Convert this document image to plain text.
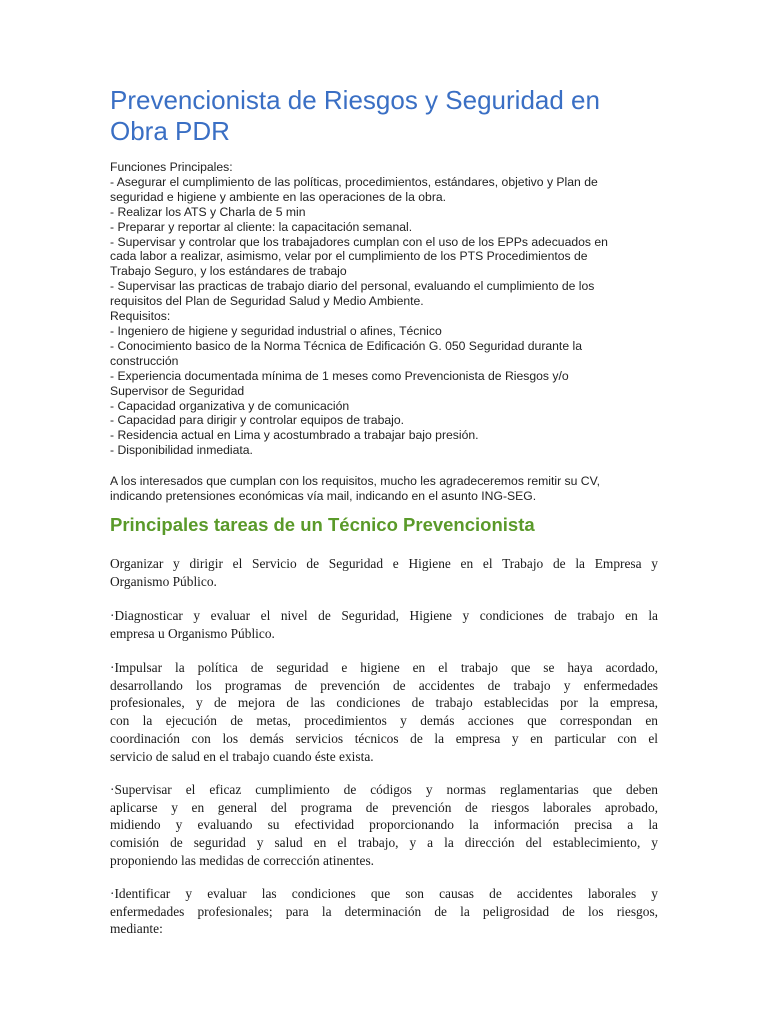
Prevencionista de Riesgos y Seguridad en
Obra PDR
Funciones Principales:
- Asegurar el cumplimiento de las políticas, procedimientos, estándares, objetivo y Plan de
seguridad e higiene y ambiente en las operaciones de la obra.
- Realizar los ATS y Charla de 5 min
- Preparar y reportar al cliente: la capacitación semanal.
- Supervisar y controlar que los trabajadores cumplan con el uso de los EPPs adecuados en
cada labor a realizar, asimismo, velar por el cumplimiento de los PTS Procedimientos de
Trabajo Seguro, y los estándares de trabajo
- Supervisar las practicas de trabajo diario del personal, evaluando el cumplimiento de los
requisitos del Plan de Seguridad Salud y Medio Ambiente.
Requisitos:
- Ingeniero de higiene y seguridad industrial o afines, Técnico
- Conocimiento basico de la Norma Técnica de Edificación G. 050 Seguridad durante la
construcción
- Experiencia documentada mínima de 1 meses como Prevencionista de Riesgos y/o
Supervisor de Seguridad
- Capacidad organizativa y de comunicación
- Capacidad para dirigir y controlar equipos de trabajo.
- Residencia actual en Lima y acostumbrado a trabajar bajo presión.
- Disponibilidad inmediata.
A los interesados que cumplan con los requisitos, mucho les agradeceremos remitir su CV,
indicando pretensiones económicas vía mail, indicando en el asunto ING-SEG.
Principales tareas de un Técnico Prevencionista
Organizar y dirigir el Servicio de Seguridad e Higiene en el Trabajo de la Empresa y
Organismo Público.
·Diagnosticar y evaluar el nivel de Seguridad, Higiene y condiciones de trabajo en la
empresa u Organismo Público.
·Impulsar la política de seguridad e higiene en el trabajo que se haya acordado,
desarrollando los programas de prevención de accidentes de trabajo y enfermedades
profesionales, y de mejora de las condiciones de trabajo establecidas por la empresa,
con la ejecución de metas, procedimientos y demás acciones que correspondan en
coordinación con los demás servicios técnicos de la empresa y en particular con el
servicio de salud en el trabajo cuando éste exista.
·Supervisar el eficaz cumplimiento de códigos y normas reglamentarias que deben
aplicarse y en general del programa de prevención de riesgos laborales aprobado,
midiendo y evaluando su efectividad proporcionando la información precisa a la
comisión de seguridad y salud en el trabajo, y a la dirección del establecimiento, y
proponiendo las medidas de corrección atinentes.
·Identificar y evaluar las condiciones que son causas de accidentes laborales y
enfermedades profesionales; para la determinación de la peligrosidad de los riesgos,
mediante:
